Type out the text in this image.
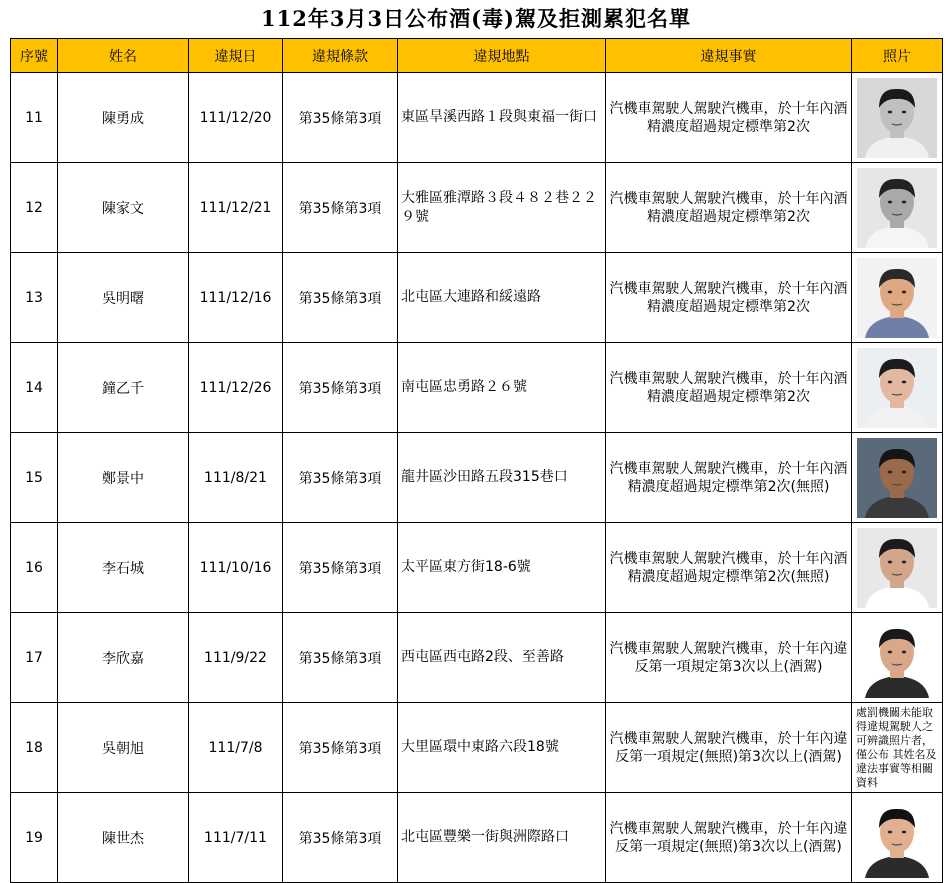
112年3月3日公布酒(毒)駕及拒測累犯名單
序號	姓名	違規日	違規條款	違規地點	違規事實	照片
11	陳勇成	111/12/20	第35條第3項	東區旱溪西路１段與東福一街口	汽機車駕駛人駕駛汽機車，於十年內酒精濃度超過規定標準第2次	

12	陳家文	111/12/21	第35條第3項	大雅區雅潭路３段４８２巷２２９號	汽機車駕駛人駕駛汽機車，於十年內酒精濃度超過規定標準第2次	

13	吳明曙	111/12/16	第35條第3項	北屯區大連路和綏遠路	汽機車駕駛人駕駛汽機車，於十年內酒精濃度超過規定標準第2次	

14	鐘乙千	111/12/26	第35條第3項	南屯區忠勇路２６號	汽機車駕駛人駕駛汽機車，於十年內酒精濃度超過規定標準第2次	

15	鄭景中	111/8/21	第35條第3項	龍井區沙田路五段315巷口	汽機車駕駛人駕駛汽機車，於十年內酒精濃度超過規定標準第2次(無照)	

16	李石城	111/10/16	第35條第3項	太平區東方街18-6號	汽機車駕駛人駕駛汽機車，於十年內酒精濃度超過規定標準第2次(無照)	

17	李欣嘉	111/9/22	第35條第3項	西屯區西屯路2段、至善路	汽機車駕駛人駕駛汽機車，於十年內違反第一項規定第3次以上(酒駕)	

18	吳朝旭	111/7/8	第35條第3項	大里區環中東路六段18號	汽機車駕駛人駕駛汽機車，於十年內違反第一項規定(無照)第3次以上(酒駕)	處罰機關未能取得違規駕駛人之可辨識照片者，僅公布 其姓名及違法事實等相關資料

19	陳世杰	111/7/11	第35條第3項	北屯區豐樂一街與洲際路口	汽機車駕駛人駕駛汽機車，於十年內違反第一項規定(無照)第3次以上(酒駕)	
